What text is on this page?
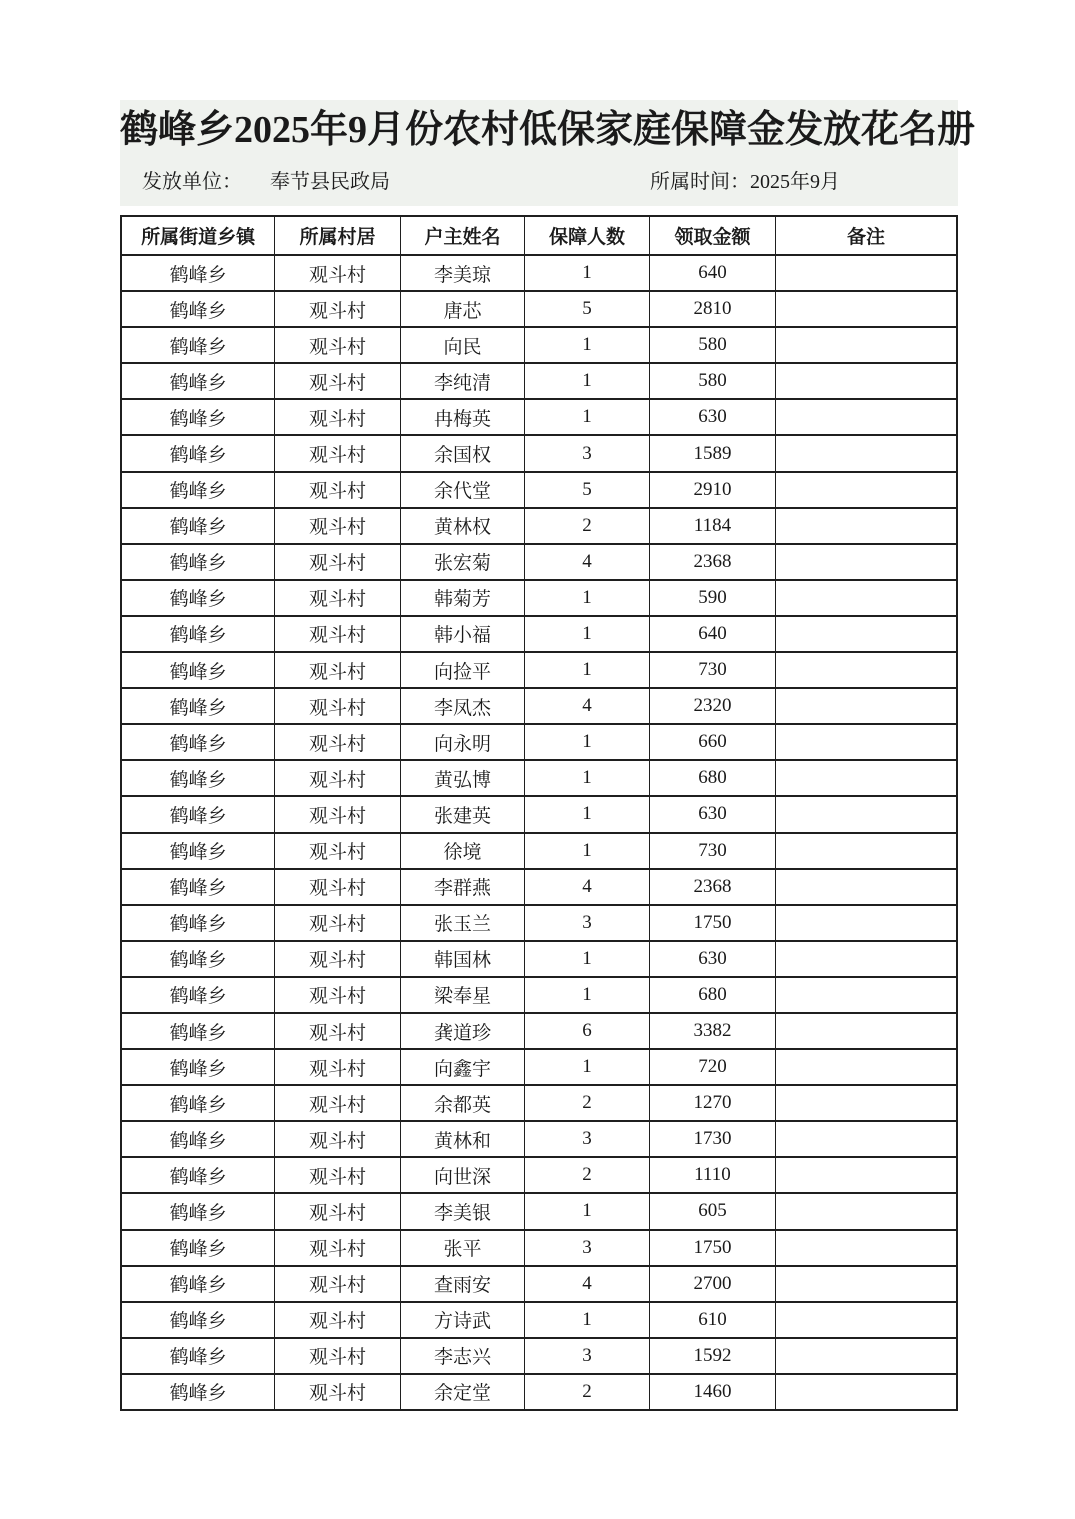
鹤峰乡2025年9月份农村低保家庭保障金发放花名册
发放单位： 奉节县民政局	所属时间：2025年9月
所属街道乡镇	所属村居	户主姓名	保障人数	领取金额	备注
鹤峰乡	观斗村	李美琼	1	640	
鹤峰乡	观斗村	唐芯	5	2810	
鹤峰乡	观斗村	向民	1	580	
鹤峰乡	观斗村	李纯清	1	580	
鹤峰乡	观斗村	冉梅英	1	630	
鹤峰乡	观斗村	余国权	3	1589	
鹤峰乡	观斗村	余代堂	5	2910	
鹤峰乡	观斗村	黄林权	2	1184	
鹤峰乡	观斗村	张宏菊	4	2368	
鹤峰乡	观斗村	韩菊芳	1	590	
鹤峰乡	观斗村	韩小福	1	640	
鹤峰乡	观斗村	向捡平	1	730	
鹤峰乡	观斗村	李凤杰	4	2320	
鹤峰乡	观斗村	向永明	1	660	
鹤峰乡	观斗村	黄弘博	1	680	
鹤峰乡	观斗村	张建英	1	630	
鹤峰乡	观斗村	徐境	1	730	
鹤峰乡	观斗村	李群燕	4	2368	
鹤峰乡	观斗村	张玉兰	3	1750	
鹤峰乡	观斗村	韩国林	1	630	
鹤峰乡	观斗村	梁奉星	1	680	
鹤峰乡	观斗村	龚道珍	6	3382	
鹤峰乡	观斗村	向鑫宇	1	720	
鹤峰乡	观斗村	余都英	2	1270	
鹤峰乡	观斗村	黄林和	3	1730	
鹤峰乡	观斗村	向世深	2	1110	
鹤峰乡	观斗村	李美银	1	605	
鹤峰乡	观斗村	张平	3	1750	
鹤峰乡	观斗村	查雨安	4	2700	
鹤峰乡	观斗村	方诗武	1	610	
鹤峰乡	观斗村	李志兴	3	1592	
鹤峰乡	观斗村	余定堂	2	1460	
